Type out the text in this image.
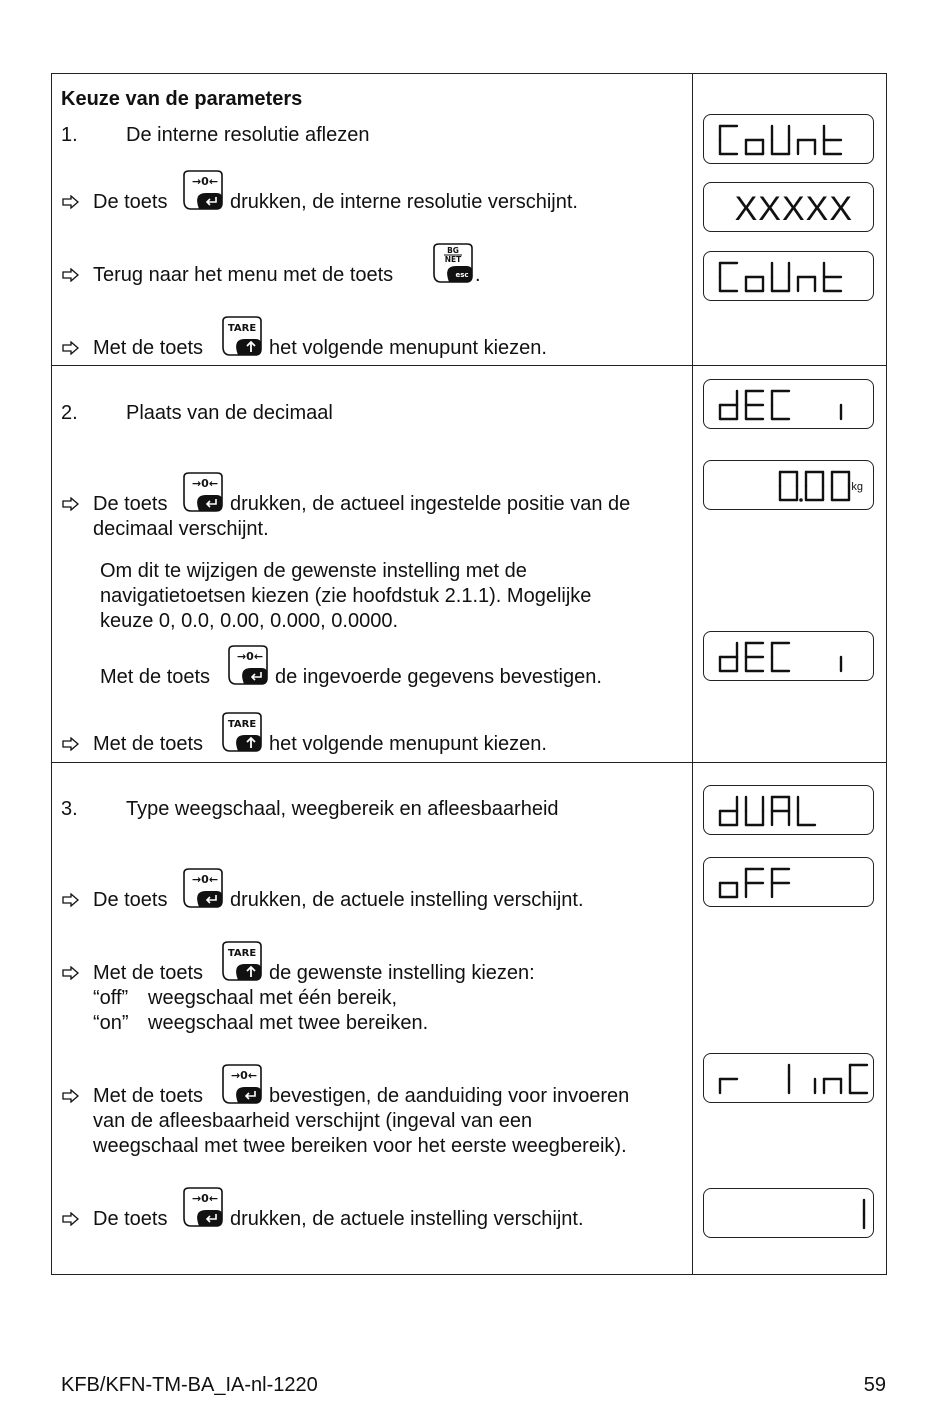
Keuze van de parameters
1. De interne resolutie aflezen
De toets
→0←
drukken, de interne resolutie verschijnt.
Terug naar het menu met de toets
BG
NET
esc .
Met de toets
TARE
het volgende menupunt kiezen.
2. Plaats van de decimaal
De toets
→0←
drukken, de actueel ingestelde positie van de
decimaal verschijnt.
Om dit te wijzigen de gewenste instelling met de
navigatietoetsen kiezen (zie hoofdstuk 2.1.1). Mogelijke
keuze 0, 0.0, 0.00, 0.000, 0.0000.
Met de toets
→0←
de ingevoerde gegevens bevestigen.
Met de toets
TARE
het volgende menupunt kiezen.
3. Type weegschaal, weegbereik en afleesbaarheid
De toets
→0←
drukken, de actuele instelling verschijnt.
Met de toets
TARE
de gewenste instelling kiezen:
“off” weegschaal met één bereik,
“on” weegschaal met twee bereiken.
Met de toets
→0←
bevestigen, de aanduiding voor invoeren
van de afleesbaarheid verschijnt (ingeval van een
weegschaal met twee bereiken voor het eerste weegbereik).
De toets
→0←
drukken, de actuele instelling verschijnt.
XXXXX
kg
KFB/KFN-TM-BA_IA-nl-1220	59
